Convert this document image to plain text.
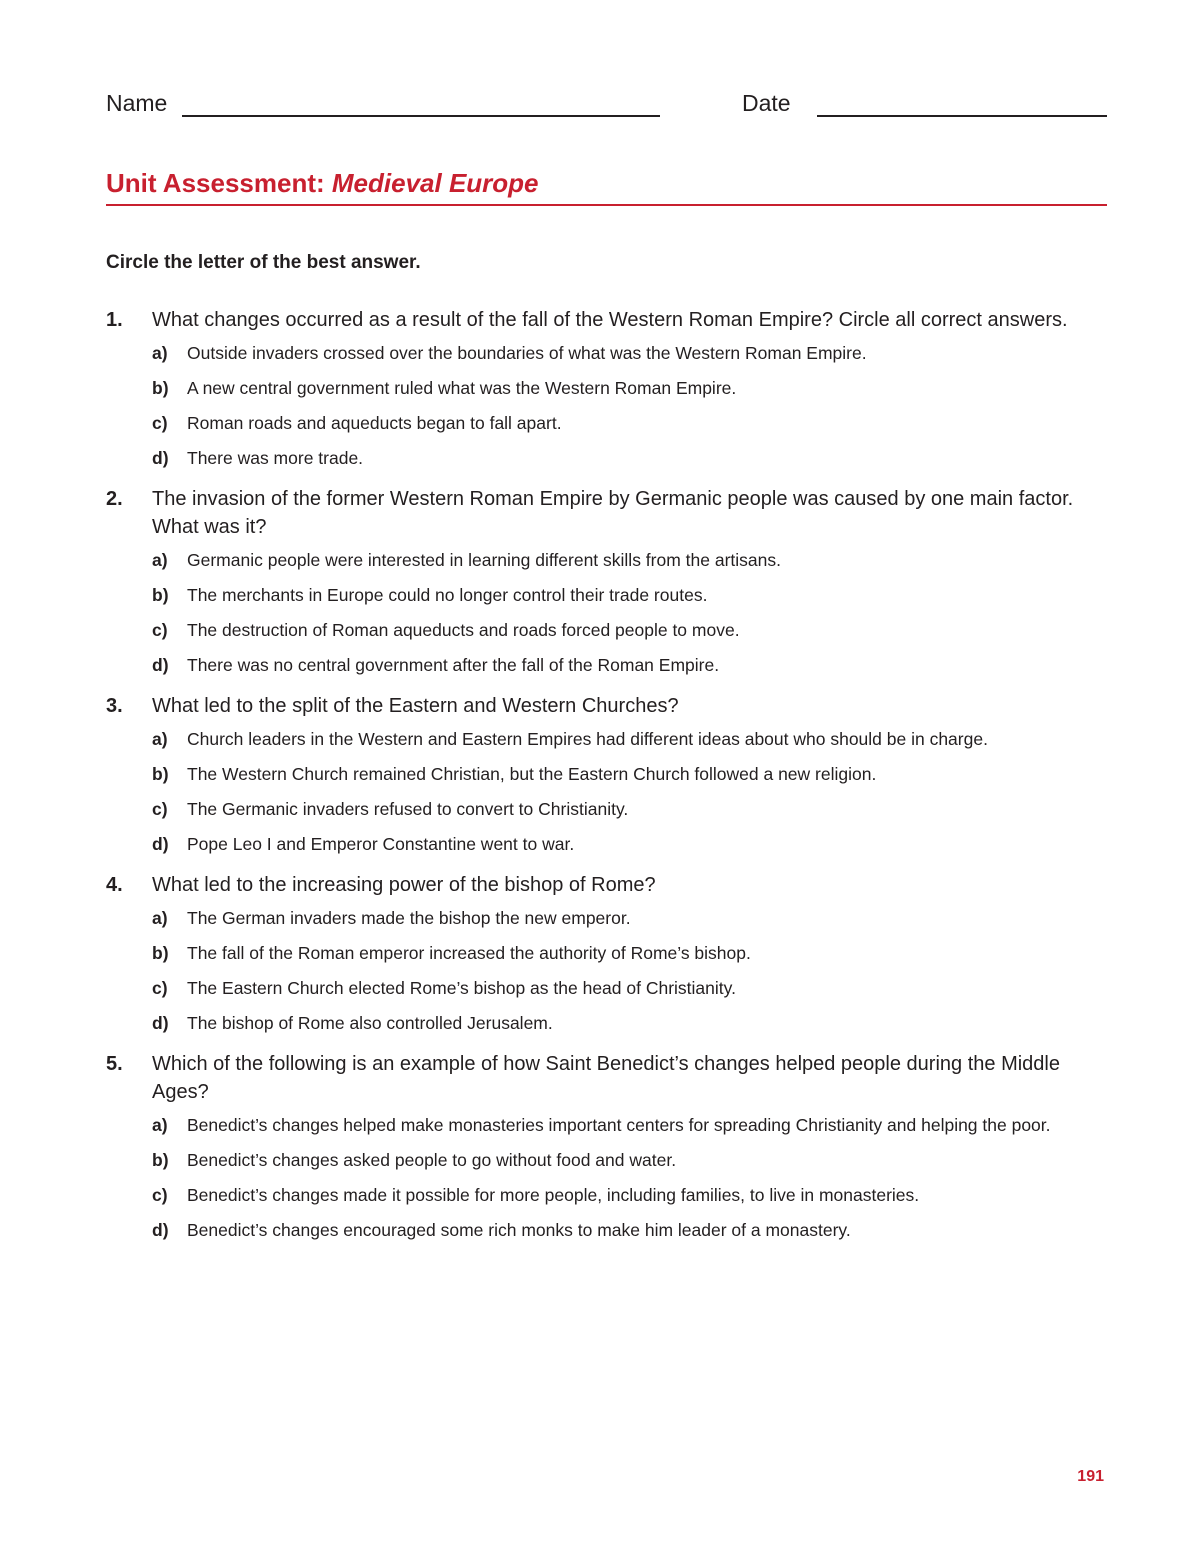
Name	Date
Unit Assessment: Medieval Europe
Circle the letter of the best answer.
1. What changes occurred as a result of the fall of the Western Roman Empire? Circle all correct answers.
a) Outside invaders crossed over the boundaries of what was the Western Roman Empire.
b) A new central government ruled what was the Western Roman Empire.
c) Roman roads and aqueducts began to fall apart.
d) There was more trade.
2. The invasion of the former Western Roman Empire by Germanic people was caused by one main factor. What was it?
a) Germanic people were interested in learning different skills from the artisans.
b) The merchants in Europe could no longer control their trade routes.
c) The destruction of Roman aqueducts and roads forced people to move.
d) There was no central government after the fall of the Roman Empire.
3. What led to the split of the Eastern and Western Churches?
a) Church leaders in the Western and Eastern Empires had different ideas about who should be in charge.
b) The Western Church remained Christian, but the Eastern Church followed a new religion.
c) The Germanic invaders refused to convert to Christianity.
d) Pope Leo I and Emperor Constantine went to war.
4. What led to the increasing power of the bishop of Rome?
a) The German invaders made the bishop the new emperor.
b) The fall of the Roman emperor increased the authority of Rome’s bishop.
c) The Eastern Church elected Rome’s bishop as the head of Christianity.
d) The bishop of Rome also controlled Jerusalem.
5. Which of the following is an example of how Saint Benedict’s changes helped people during the Middle Ages?
a) Benedict’s changes helped make monasteries important centers for spreading Christianity and helping the poor.
b) Benedict’s changes asked people to go without food and water.
c) Benedict’s changes made it possible for more people, including families, to live in monasteries.
d) Benedict’s changes encouraged some rich monks to make him leader of a monastery.
191
